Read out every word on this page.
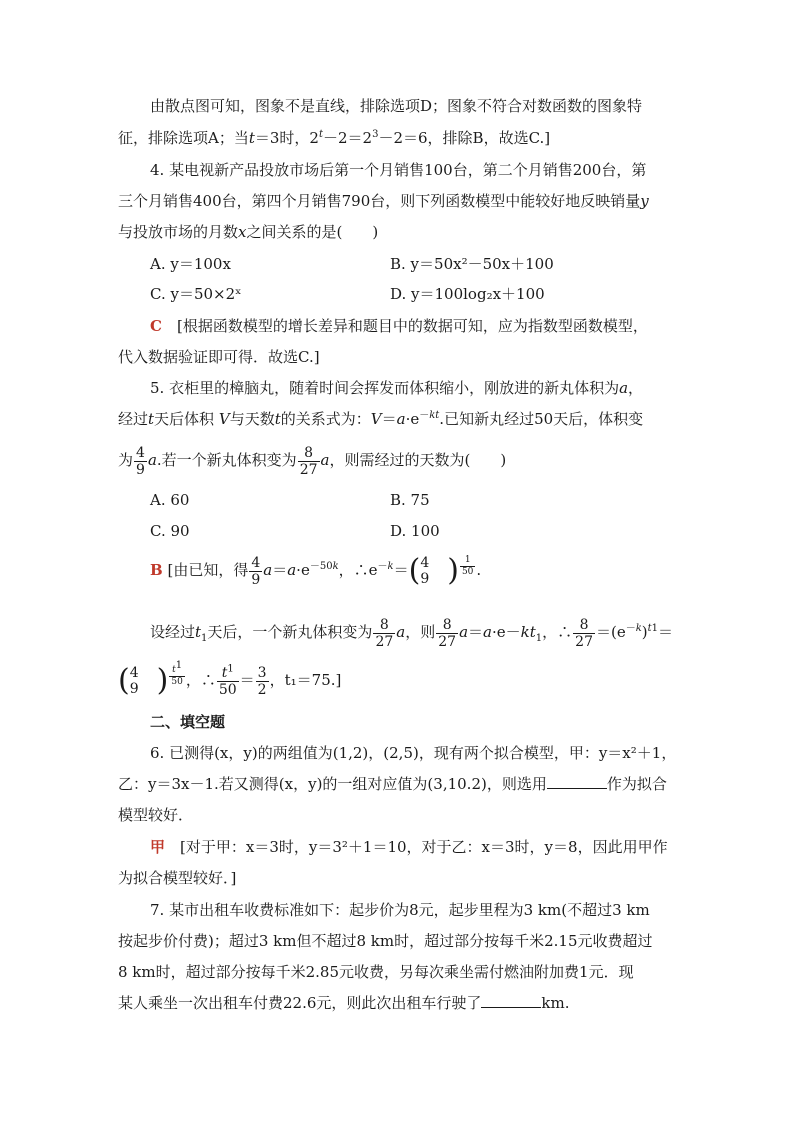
由散点图可知，图象不是直线，排除选项D；图象不符合对数函数的图象特
征，排除选项A；当t＝3时，$2^t-2=2^3-2=6$，排除B，故选C.]
4. 某电视新产品投放市场后第一个月销售100台，第二个月销售200台，第
三个月销售400台，第四个月销售790台，则下列函数模型中能较好地反映销量y
与投放市场的月数x之间关系的是(　　)
A. y＝100x	B. y＝50x²－50x＋100
C. y＝50×2ˣ	D. y＝100log₂x＋100
C　 [根据函数模型的增长差异和题目中的数据可知，应为指数型函数模型，
代入数据验证即可得．故选C.]
5. 衣柜里的樟脑丸，随着时间会挥发而体积缩小，刚放进的新丸体积为a，
经过t天后体积 V与天数t的关系式为：$V=a\cdot e^{-kt}$.已知新丸经过50天后，体积变
为 $\frac{4}{9} a$.若一个新丸体积变为 $\frac{8}{27}$ a，则需经过的天数为(　　)
A. 60	B. 75
C. 90	D. 100
B [由已知，得 $\frac{4}{9} a=a\cdot e^{-50k}$，$\therefore e^{-k}=$( 4
9 ) $^{\frac{1}{50}}$ .
设经过$t_1$天后，一个新丸体积变为 $\frac{8}{27}$ a，则 $\frac{8}{27} a=a\cdot e-kt_1$，∴ $\frac{8}{27} =(e^{-k})^{t1}=$
( 4
9 ) $^{\frac{t^1}{50}}$ ，∴ $\frac{t^1}{50} = \frac{3}{2}$ ，t₁＝75.]
二、填空题
6. 已测得(x，y)的两组值为(1,2)，(2,5)，现有两个拟合模型，甲：y＝x²＋1，
乙：y＝3x－1.若又测得(x，y)的一组对应值为(3,10.2)，则选用	作为拟合
模型较好．
甲　 [对于甲：x＝3时，y＝3²＋1＝10，对于乙：x＝3时，y＝8，因此用甲作
为拟合模型较好．]
7. 某市出租车收费标准如下：起步价为8元，起步里程为3 km(不超过3 km
按起步价付费)；超过3 km但不超过8 km时，超过部分按每千米2.15元收费超过
8 km时，超过部分按每千米2.85元收费，另每次乘坐需付燃油附加费1元．现
某人乘坐一次出租车付费22.6元，则此次出租车行驶了	km.
